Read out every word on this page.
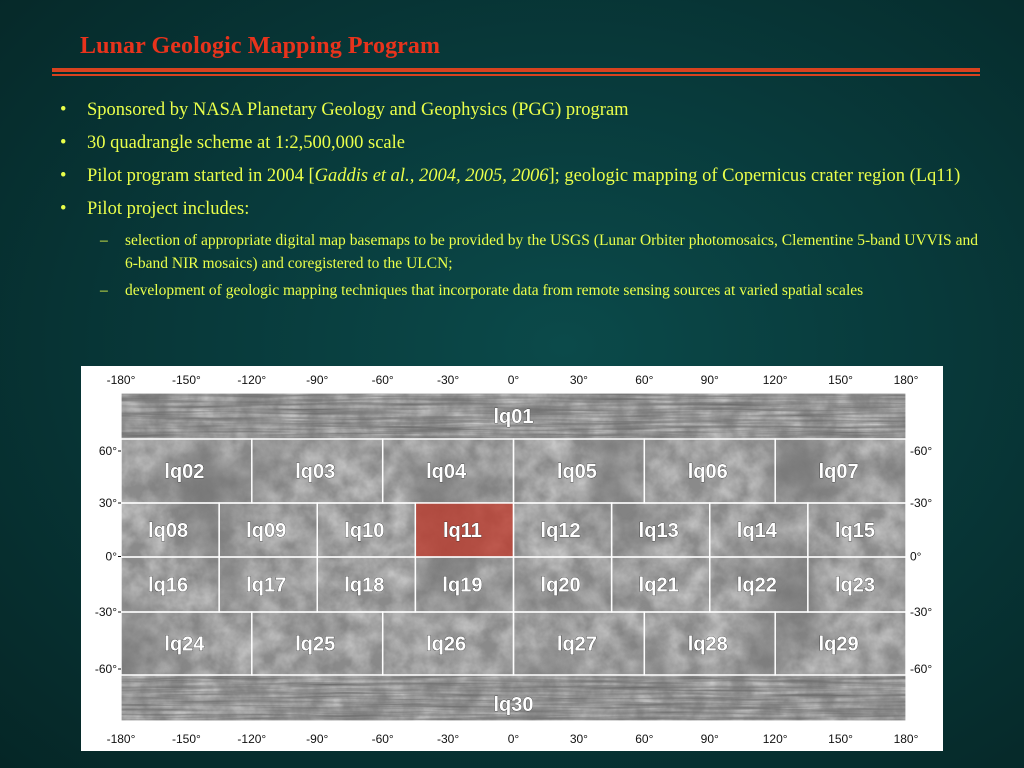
Lunar Geologic Mapping Program
• Sponsored by NASA Planetary Geology and Geophysics (PGG) program
• 30 quadrangle scheme at 1:2,500,000 scale
• Pilot program started in 2004 [Gaddis et al., 2004, 2005, 2006]; geologic mapping of Copernicus crater region (Lq11)
• Pilot project includes:
– selection of appropriate digital map basemaps to be provided by the USGS (Lunar Orbiter photomosaics, Clementine 5-band UVVIS and 6-band NIR mosaics) and coregistered to the ULCN;
– development of geologic mapping techniques that incorporate data from remote sensing sources at varied spatial scales
lq01
lq02	lq03	lq04	lq05	lq06	lq07
lq08	lq09	lq10	lq11	lq12	lq13	lq14	lq15
lq16	lq17	lq18	lq19	lq20	lq21	lq22	lq23
lq24	lq25	lq26	lq27	lq28	lq29
lq30
-180°
-180°
-150°
-150°
-120°
-120°
-90°
-90°
-60°
-60°
-30°
-30°
0°
0°
30°
30°
60°
60°
90°
90°
120°
120°
150°
150°
180°
180°
60°
30°
0°
-30°
-60°
-60°
-30°
0°
-30°
-60°
